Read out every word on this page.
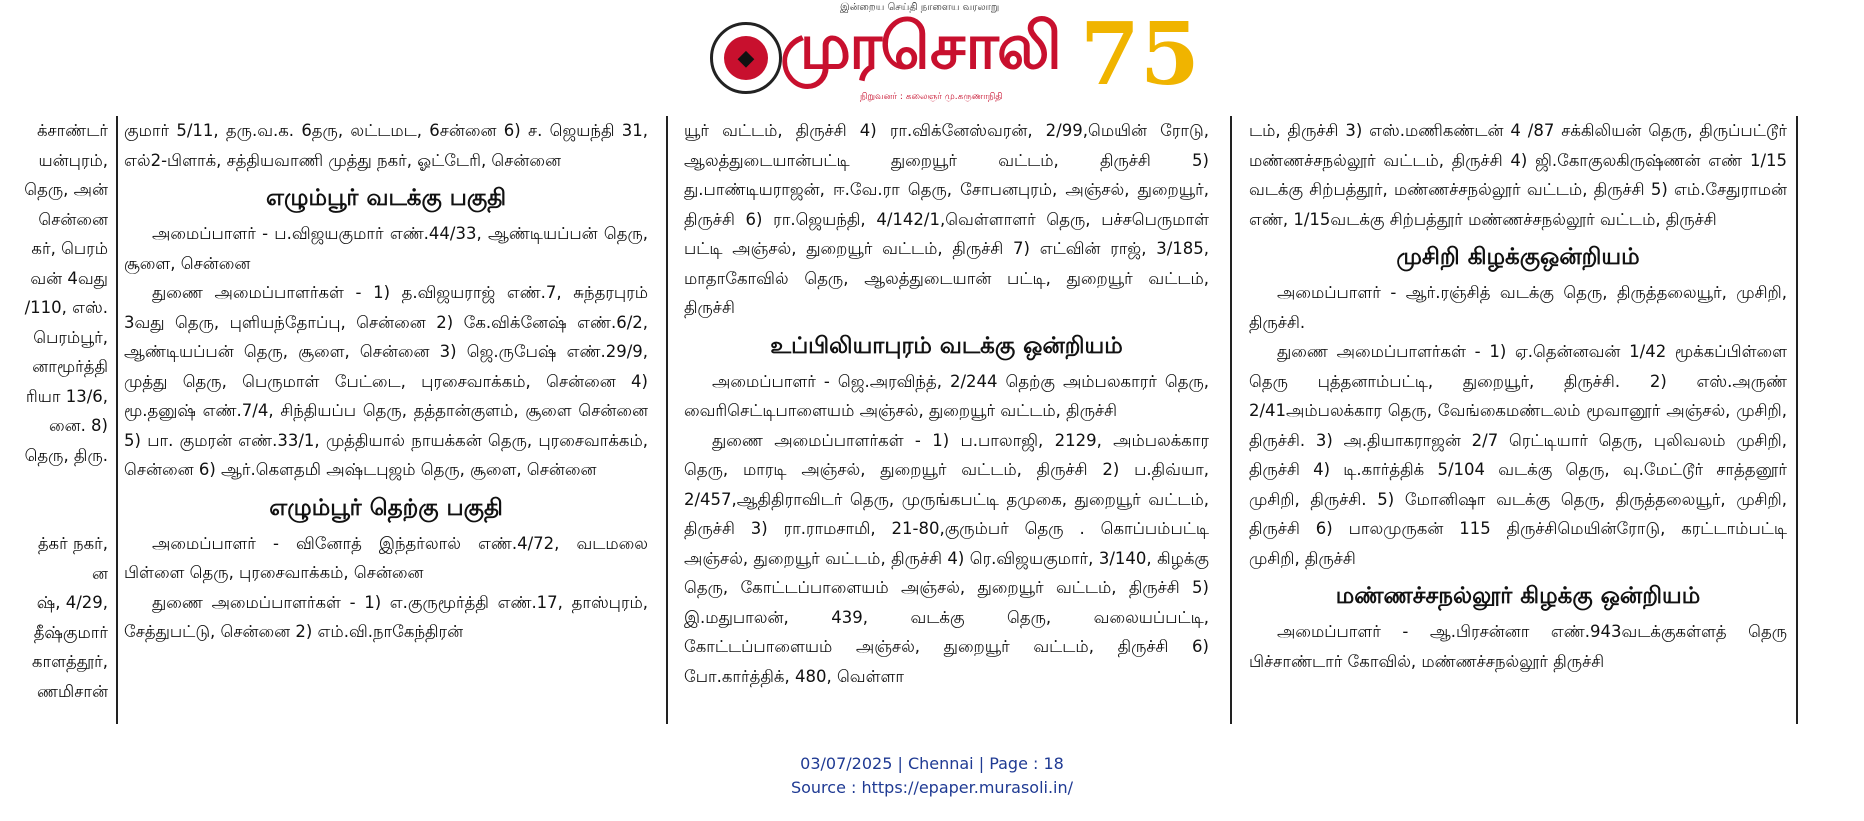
இன்றைய செய்தி நாளைய வரலாறு
◆ முரசொலி
நிறுவனர் : கலைஞர் மு.கருணாநிதி 75

க்சாண்டர்

யன்புரம்,

தெரு, அன்

சென்னை

கர், பெரம்

வன் 4வது

/110, எஸ்.

பெரம்பூர்,

னாமூர்த்தி

ரியா 13/6,

னை. 8)

தெரு, திரு.

த்கர் நகர்,

ன

ஷ், 4/29,

தீஷ்குமார்

காளத்தூர்,

ணமிசான்

குமார் 5/11, தரு.வ.க. 6தரு, லட்டமட, 6சன்னை 6) ச. ஜெயந்தி 31, எல்2-பிளாக், சத்தியவாணி முத்து நகர், ஓட்டேரி, சென்னை

எழும்பூர் வடக்கு பகுதி

அமைப்பாளர் - ப.விஜயகுமார் எண்.44/33, ஆண்டியப்பன் தெரு, சூளை, சென்னை

துணை அமைப்பாளர்கள் - 1) த.விஜயராஜ் எண்.7, சுந்தரபுரம் 3வது தெரு, புளியந்தோப்பு, சென்னை 2) கே.விக்னேஷ் எண்.6/2, ஆண்டியப்பன் தெரு, சூளை, சென்னை 3) ஜெ.ருபேஷ் எண்.29/9, முத்து தெரு, பெருமாள் பேட்டை, புரசைவாக்கம், சென்னை 4) மூ.தனுஷ் எண்.7/4, சிந்தியப்ப தெரு, தத்தான்குளம், சூளை சென்னை 5) பா. குமரன் எண்.33/1, முத்தியால் நாயக்கன் தெரு, புரசைவாக்கம், சென்னை 6) ஆர்.கௌதமி அஷ்டபுஜம் தெரு, சூளை, சென்னை

எழும்பூர் தெற்கு பகுதி

அமைப்பாளர் - வினோத் இந்தர்லால் எண்.4/72, வடமலை பிள்ளை தெரு, புரசைவாக்கம், சென்னை

துணை அமைப்பாளர்கள் - 1) எ.குருமூர்த்தி எண்.17, தாஸ்புரம், சேத்துபட்டு, சென்னை 2) எம்.வி.நாகேந்திரன்

யூர் வட்டம், திருச்சி 4) ரா.விக்னேஸ்வரன், 2/99,மெயின் ரோடு, ஆலத்துடையான்பட்டி துறையூர் வட்டம், திருச்சி 5) து.பாண்டியராஜன், ஈ.வே.ரா தெரு, சோபனபுரம், அஞ்சல், துறையூர், திருச்சி 6) ரா.ஜெயந்தி, 4/142/1,வெள்ளாளர் தெரு, பச்சபெருமாள் பட்டி அஞ்சல், துறையூர் வட்டம், திருச்சி 7) எட்வின் ராஜ், 3/185, மாதாகோவில் தெரு, ஆலத்துடையான் பட்டி, துறையூர் வட்டம், திருச்சி

உப்பிலியாபுரம் வடக்கு ஒன்றியம்

அமைப்பாளர் - ஜெ.அரவிந்த், 2/244 தெற்கு அம்பலகாரர் தெரு, வைரிசெட்டிபாளையம் அஞ்சல், துறையூர் வட்டம், திருச்சி

துணை அமைப்பாளர்கள் - 1) ப.பாலாஜி, 2129, அம்பலக்கார தெரு, மாரடி அஞ்சல், துறையூர் வட்டம், திருச்சி 2) ப.திவ்யா, 2/457,ஆதிதிராவிடர் தெரு, முருங்கபட்டி தமுகை, துறையூர் வட்டம், திருச்சி 3) ரா.ராமசாமி, 21-80,குரும்பர் தெரு . கொப்பம்பட்டி அஞ்சல், துறையூர் வட்டம், திருச்சி 4) ரெ.விஜயகுமார், 3/140, கிழக்கு தெரு, கோட்டப்பாளையம் அஞ்சல், துறையூர் வட்டம், திருச்சி 5) இ.மதுபாலன், 439, வடக்கு தெரு, வலையப்பட்டி, கோட்டப்பாளையம் அஞ்சல், துறையூர் வட்டம், திருச்சி 6) போ.கார்த்திக், 480, வெள்ளா

டம், திருச்சி 3) எஸ்.மணிகண்டன் 4 /87 சக்கிலியன் தெரு, திருப்பட்டூர் மண்ணச்சநல்லூர் வட்டம், திருச்சி 4) ஜி.கோகுலகிருஷ்ணன் எண் 1/15 வடக்கு சிற்பத்தூர், மண்ணச்சநல்லூர் வட்டம், திருச்சி 5) எம்.சேதுராமன் எண், 1/15வடக்கு சிற்பத்தூர் மண்ணச்சநல்லூர் வட்டம், திருச்சி

முசிறி கிழக்குஒன்றியம்

அமைப்பாளர் - ஆர்.ரஞ்சித் வடக்கு தெரு, திருத்தலையூர், முசிறி, திருச்சி.

துணை அமைப்பாளர்கள் - 1) ஏ.தென்னவன் 1/42 மூக்கப்பிள்ளை தெரு புத்தனாம்பட்டி, துறையூர், திருச்சி. 2) எஸ்.அருண் 2/41அம்பலக்கார தெரு, வேங்கைமண்டலம் மூவானூர் அஞ்சல், முசிறி, திருச்சி. 3) அ.தியாகராஜன் 2/7 ரெட்டியார் தெரு, புலிவலம் முசிறி, திருச்சி 4) டி.கார்த்திக் 5/104 வடக்கு தெரு, வு.மேட்டூர் சாத்தனூர் முசிறி, திருச்சி. 5) மோனிஷா வடக்கு தெரு, திருத்தலையூர், முசிறி, திருச்சி 6) பாலமுருகன் 115 திருச்சிமெயின்ரோடு, கரட்டாம்பட்டி முசிறி, திருச்சி

மண்ணச்சநல்லூர் கிழக்கு ஒன்றியம்

அமைப்பாளர் - ஆ.பிரசன்னா எண்.943வடக்குகள்ளத் தெரு பிச்சாண்டார் கோவில், மண்ணச்சநல்லூர் திருச்சி

03/07/2025 | Chennai | Page : 18
Source : https://epaper.murasoli.in/
